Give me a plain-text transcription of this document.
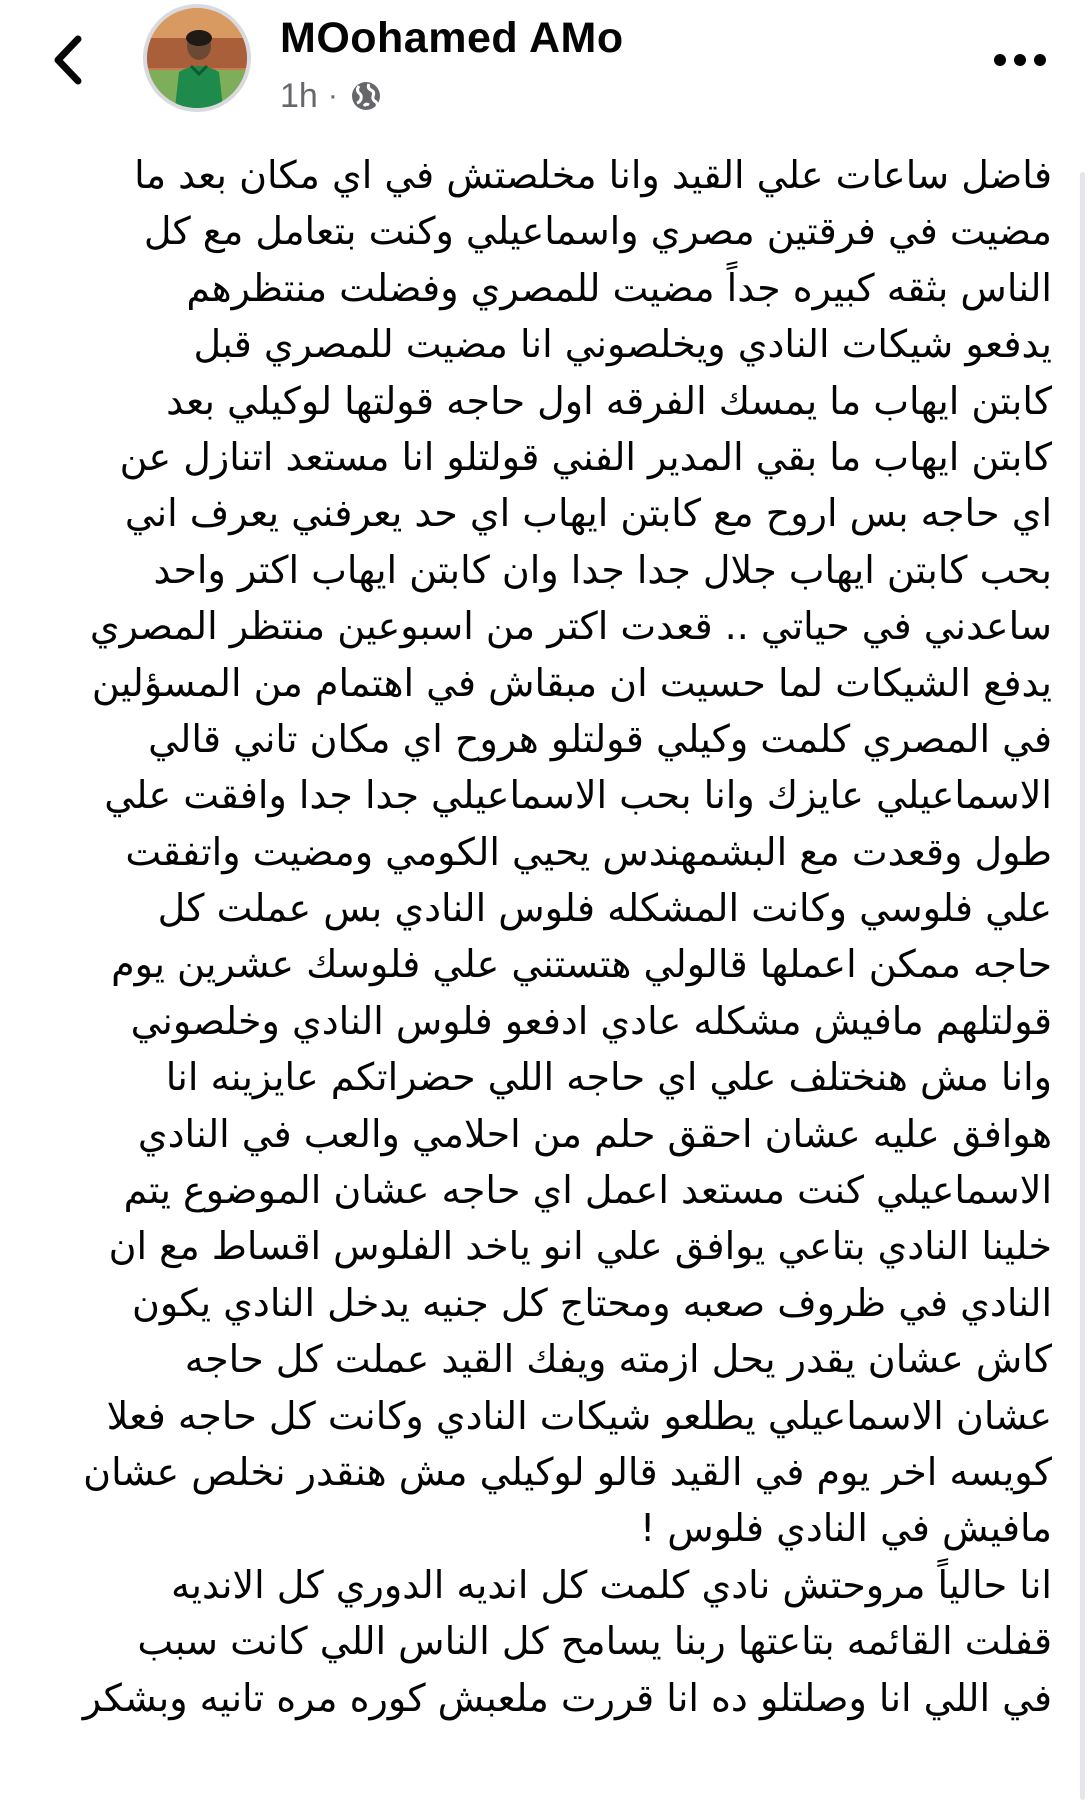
MOohamed AMo
1h ·
فاضل ساعات علي القيد وانا مخلصتش في اي مكان بعد ما
مضيت في فرقتين مصري واسماعيلي وكنت بتعامل مع كل
الناس بثقه كبيره جداً مضيت للمصري وفضلت منتظرهم
يدفعو شيكات النادي ويخلصوني انا مضيت للمصري قبل
كابتن ايهاب ما يمسك الفرقه اول حاجه قولتها لوكيلي بعد
كابتن ايهاب ما بقي المدير الفني قولتلو انا مستعد اتنازل عن
اي حاجه بس اروح مع كابتن ايهاب اي حد يعرفني يعرف اني
بحب كابتن ايهاب جلال جدا جدا وان كابتن ايهاب اكتر واحد
ساعدني في حياتي .. قعدت اكتر من اسبوعين منتظر المصري
يدفع الشيكات لما حسيت ان مبقاش في اهتمام من المسؤلين
في المصري كلمت وكيلي قولتلو هروح اي مكان تاني قالي
الاسماعيلي عايزك وانا بحب الاسماعيلي جدا جدا وافقت علي
طول وقعدت مع البشمهندس يحيي الكومي ومضيت واتفقت
علي فلوسي وكانت المشكله فلوس النادي بس عملت كل
حاجه ممكن اعملها قالولي هتستني علي فلوسك عشرين يوم
قولتلهم مافيش مشكله عادي ادفعو فلوس النادي وخلصوني
وانا مش هنختلف علي اي حاجه اللي حضراتكم عايزينه انا
هوافق عليه عشان احقق حلم من احلامي والعب في النادي
الاسماعيلي كنت مستعد اعمل اي حاجه عشان الموضوع يتم
خلينا النادي بتاعي يوافق علي انو ياخد الفلوس اقساط مع ان
النادي في ظروف صعبه ومحتاج كل جنيه يدخل النادي يكون
كاش عشان يقدر يحل ازمته ويفك القيد عملت كل حاجه
عشان الاسماعيلي يطلعو شيكات النادي وكانت كل حاجه فعلا
كويسه اخر يوم في القيد قالو لوكيلي مش هنقدر نخلص عشان
مافيش في النادي فلوس !
انا حالياً مروحتش نادي كلمت كل انديه الدوري كل الانديه
قفلت القائمه بتاعتها ربنا يسامح كل الناس اللي كانت سبب
في اللي انا وصلتلو ده انا قررت ملعبش كوره مره تانيه وبشكر
